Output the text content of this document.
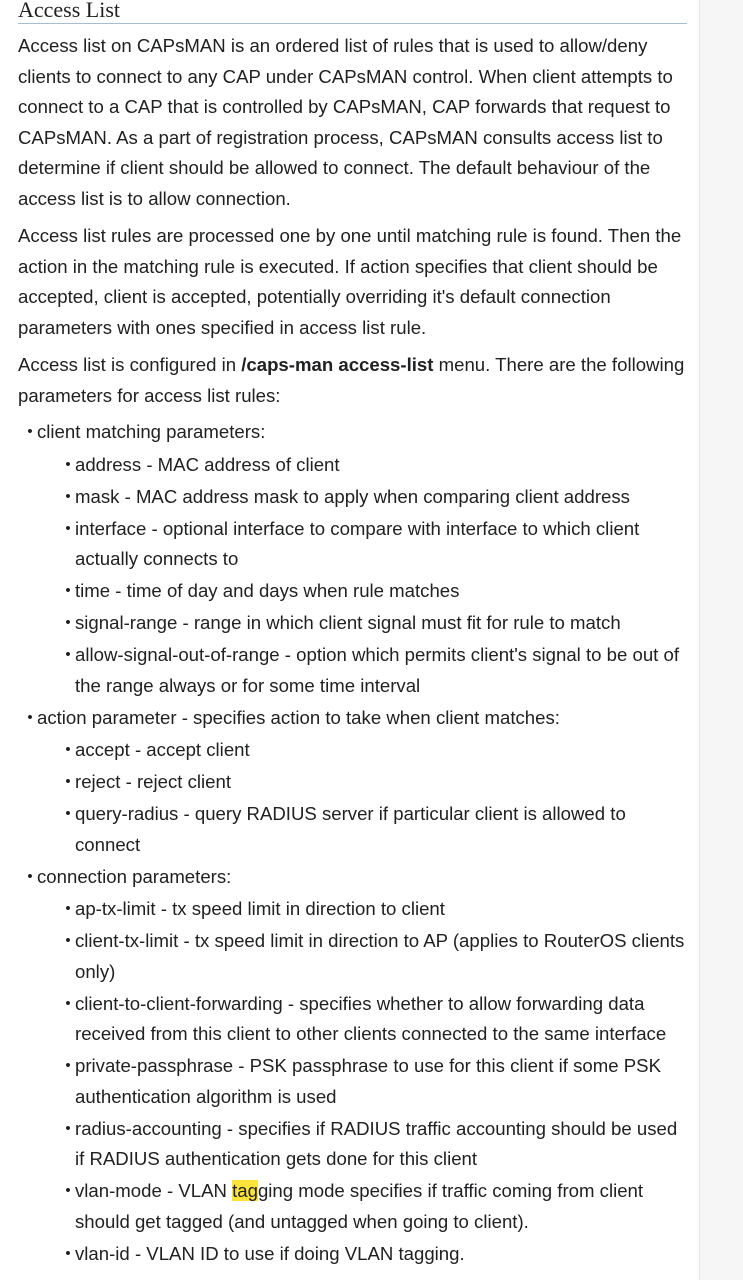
Access List

Access list on CAPsMAN is an ordered list of rules that is used to allow/deny clients to connect to any CAP under CAPsMAN control. When client attempts to connect to a CAP that is controlled by CAPsMAN, CAP forwards that request to CAPsMAN. As a part of registration process, CAPsMAN consults access list to determine if client should be allowed to connect. The default behaviour of the access list is to allow connection.

Access list rules are processed one by one until matching rule is found. Then the action in the matching rule is executed. If action specifies that client should be accepted, client is accepted, potentially overriding it's default connection parameters with ones specified in access list rule.

Access list is configured in /caps-man access-list menu. There are the following parameters for access list rules:

• client matching parameters:
• address - MAC address of client
• mask - MAC address mask to apply when comparing client address
• interface - optional interface to compare with interface to which client actually connects to
• time - time of day and days when rule matches
• signal-range - range in which client signal must fit for rule to match
• allow-signal-out-of-range - option which permits client's signal to be out of the range always or for some time interval
• action parameter - specifies action to take when client matches:
• accept - accept client
• reject - reject client
• query-radius - query RADIUS server if particular client is allowed to connect
• connection parameters:
• ap-tx-limit - tx speed limit in direction to client
• client-tx-limit - tx speed limit in direction to AP (applies to RouterOS clients only)
• client-to-client-forwarding - specifies whether to allow forwarding data received from this client to other clients connected to the same interface
• private-passphrase - PSK passphrase to use for this client if some PSK authentication algorithm is used
• radius-accounting - specifies if RADIUS traffic accounting should be used if RADIUS authentication gets done for this client
• vlan-mode - VLAN tagging mode specifies if traffic coming from client should get tagged (and untagged when going to client).
• vlan-id - VLAN ID to use if doing VLAN tagging.
